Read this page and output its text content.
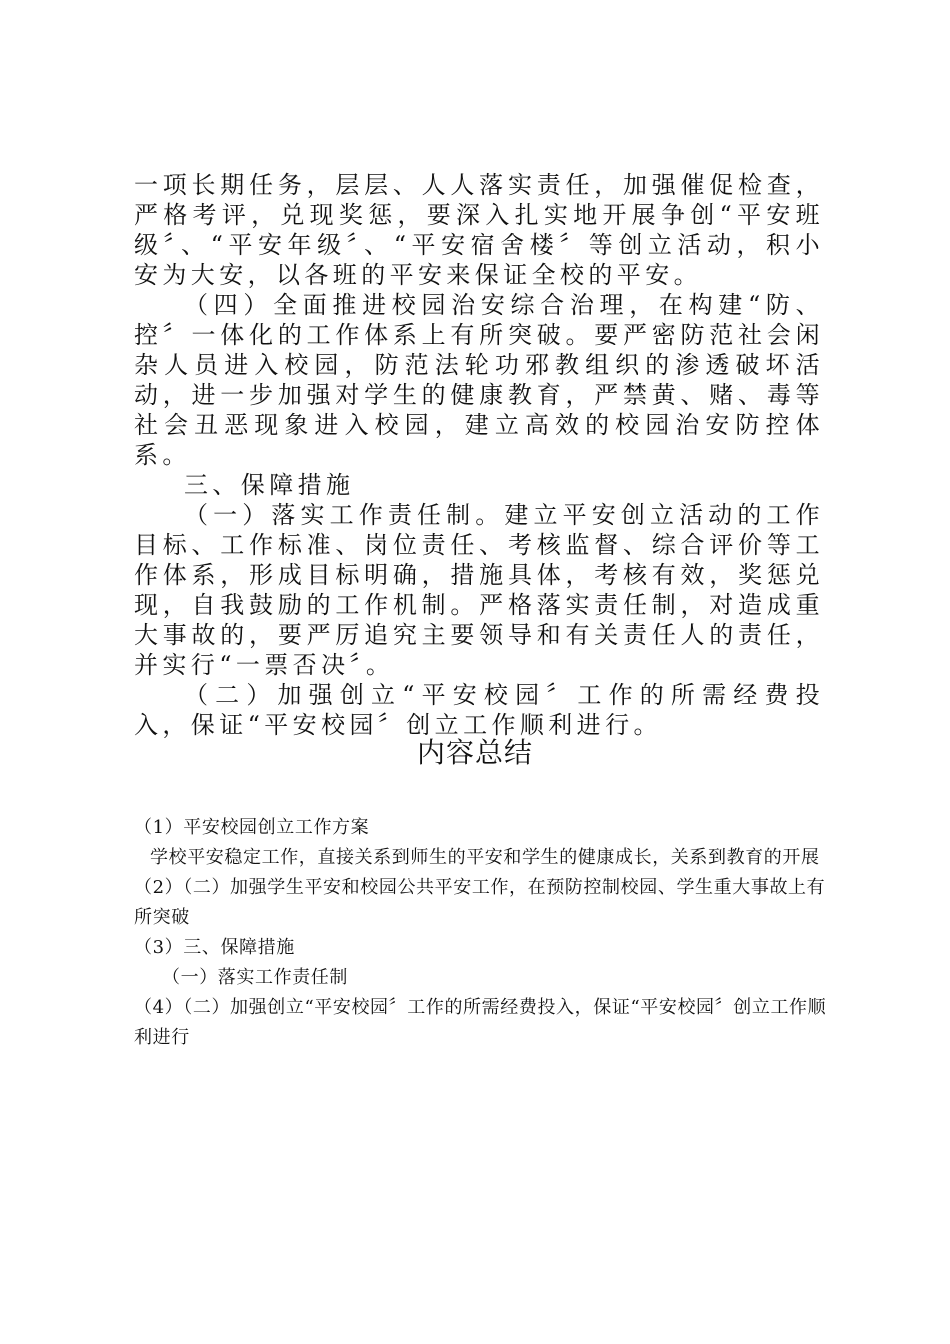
一项长期任务，层层、人人落实责任，加强催促检查，严格考评，兑现奖惩，要深入扎实地开展争创“平安班级〞、“平安年级〞、“平安宿舍楼〞等创立活动，积小安为大安，以各班的平安来保证全校的平安。

（四）全面推进校园治安综合治理，在构建“防、控〞一体化的工作体系上有所突破。要严密防范社会闲杂人员进入校园，防范法轮功邪教组织的渗透破坏活动，进一步加强对学生的健康教育，严禁黄、赌、毒等社会丑恶现象进入校园，建立高效的校园治安防控体系。

三、保障措施

（一）落实工作责任制。建立平安创立活动的工作目标、工作标准、岗位责任、考核监督、综合评价等工作体系，形成目标明确，措施具体，考核有效，奖惩兑现，自我鼓励的工作机制。严格落实责任制，对造成重大事故的，要严厉追究主要领导和有关责任人的责任，并实行“一票否决〞。

（二）加强创立“平安校园〞工作的所需经费投入，保证“平安校园〞创立工作顺利进行。

内容总结

（1）平安校园创立工作方案

学校平安稳定工作，直接关系到师生的平安和学生的健康成长，关系到教育的开展

（2）（二）加强学生平安和校园公共平安工作，在预防控制校园、学生重大事故上有所突破

（3）三、保障措施

（一）落实工作责任制

（4）（二）加强创立“平安校园〞工作的所需经费投入，保证“平安校园〞创立工作顺利进行
